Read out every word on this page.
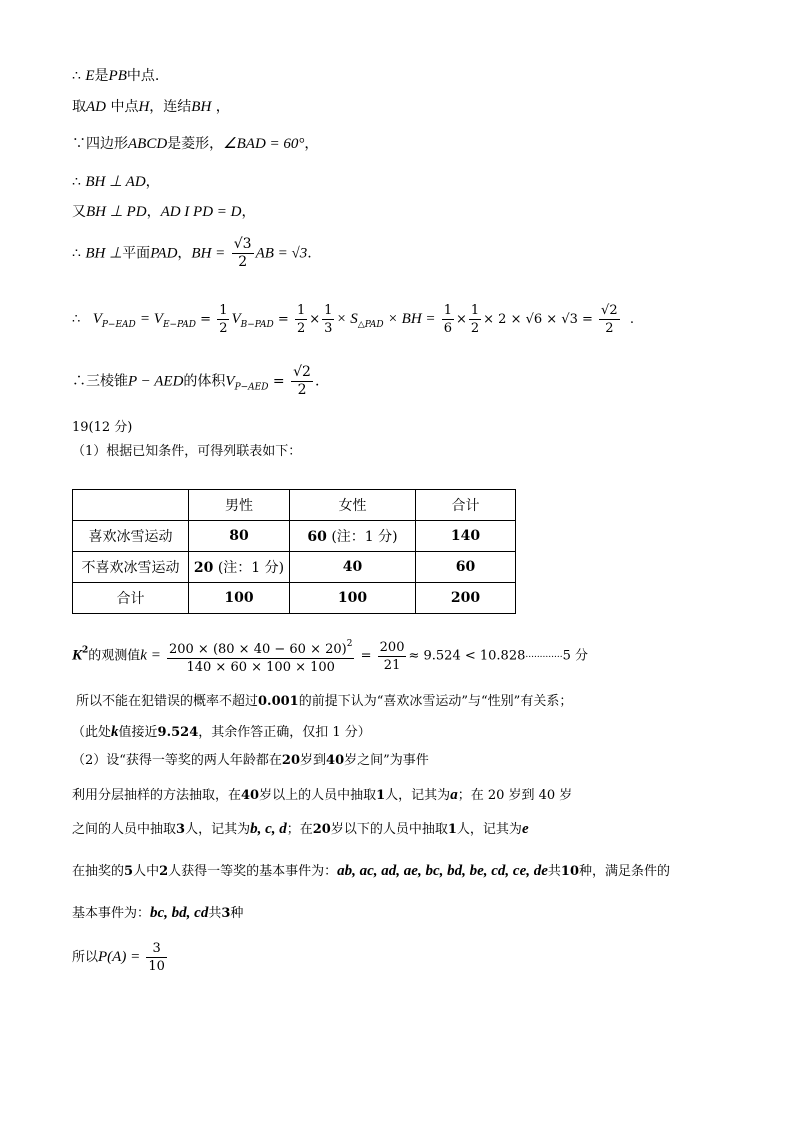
∴ E是PB中点.
取AD 中点H，连结BH ，
∵四边形ABCD是菱形，∠BAD = 60°，
∴ BH ⊥ AD，
又BH ⊥ PD，AD I PD = D，
∴ BH ⊥平面PAD，BH = $\frac{√3}{2}$ AB = √3.
∴ $V_{P-EAD} = V_{E-PAD} = \frac{1}{2} V_{B-PAD} = \frac{1}{2} \times \frac{1}{3} \times S_{\triangle PAD}$ × BH = $\frac{1}{6} \times \frac{1}{2} \times 2 \times √6 \times √3 = \frac{√2}{2}$ .
∴三棱锥P − AED的体积$V_{P-AED} = \frac{√2}{2}$ .
19(12 分)
（1）根据已知条件，可得列联表如下：
	男性	女性	合计
喜欢冰雪运动	80	60 (注：1 分)	140
不喜欢冰雪运动	20 (注：1 分)	40	60
合计	100	100	200
$K^2$的观测值$k = \frac{200 \times (80 \times 40 - 60 \times 20)^2}{140 \times 60 \times 100 \times 100} = \frac{200}{21} \approx 9.524 < 10.828\cdot\cdot\cdot\cdot\cdot\cdot\cdot\cdot\cdot\cdot\cdot\cdot\cdot 5$ 分
所以不能在犯错误的概率不超过0.001的前提下认为“喜欢冰雪运动”与“性别”有关系；
（此处k值接近9.524，其余作答正确，仅扣 1 分）
（2）设“获得一等奖的两人年龄都在20岁到40岁之间”为事件
利用分层抽样的方法抽取，在40岁以上的人员中抽取1人，记其为a；在 20 岁到 40 岁
之间的人员中抽取3人，记其为b, c, d；在20岁以下的人员中抽取1人，记其为e
在抽奖的5人中2人获得一等奖的基本事件为：ab, ac, ad, ae, bc, bd, be, cd, ce, de共10种，满足条件的
基本事件为：bc, bd, cd共3种
所以$P(A) = \frac{3}{10}$
